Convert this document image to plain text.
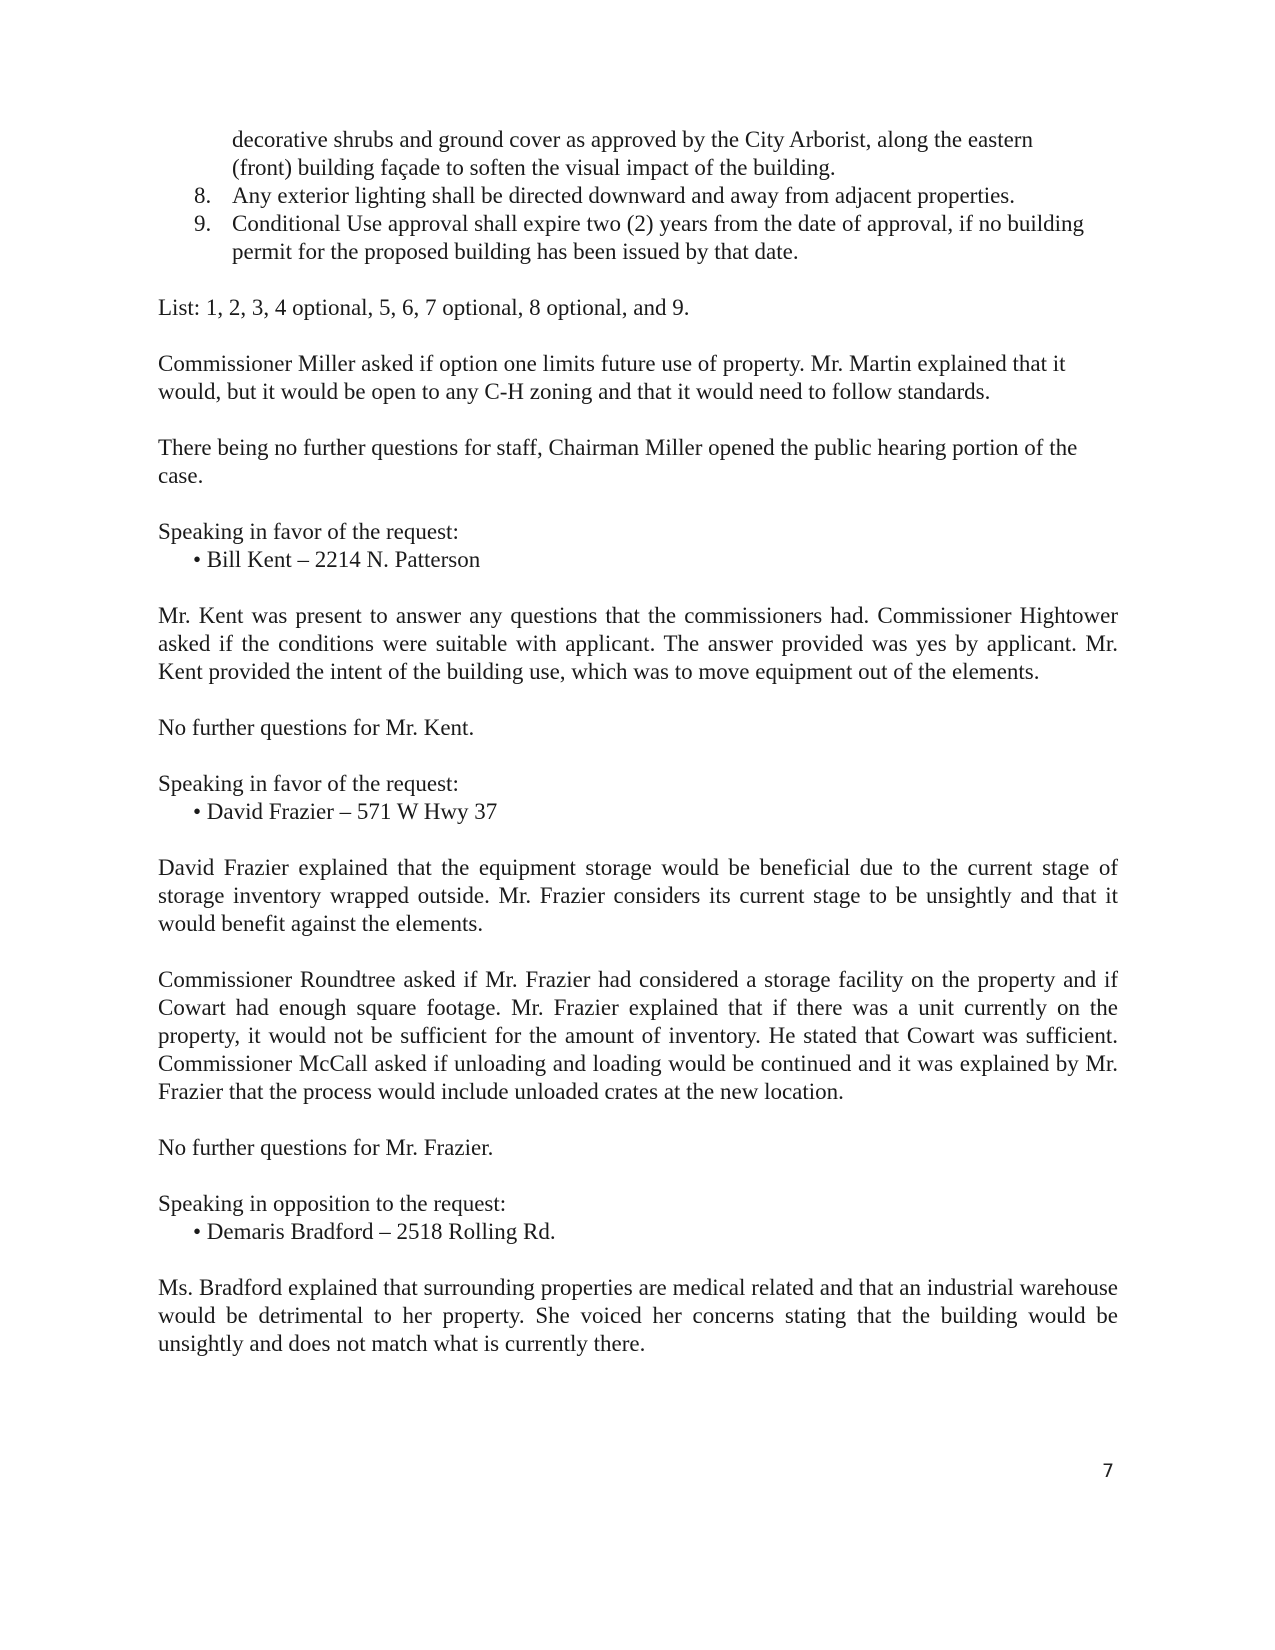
decorative shrubs and ground cover as approved by the City Arborist, along the eastern

(front) building façade to soften the visual impact of the building.

8. Any exterior lighting shall be directed downward and away from adjacent properties.
9. Conditional Use approval shall expire two (2) years from the date of approval, if no building permit for the proposed building has been issued by that date.

List: 1, 2, 3, 4 optional, 5, 6, 7 optional, 8 optional, and 9.

Commissioner Miller asked if option one limits future use of property. Mr. Martin explained that it would, but it would be open to any C-H zoning and that it would need to follow standards.

There being no further questions for staff, Chairman Miller opened the public hearing portion of the case.

Speaking in favor of the request:

• Bill Kent – 2214 N. Patterson

Mr. Kent was present to answer any questions that the commissioners had. Commissioner Hightower asked if the conditions were suitable with applicant. The answer provided was yes by applicant. Mr. Kent provided the intent of the building use, which was to move equipment out of the elements.

No further questions for Mr. Kent.

Speaking in favor of the request:

• David Frazier – 571 W Hwy 37

David Frazier explained that the equipment storage would be beneficial due to the current stage of storage inventory wrapped outside. Mr. Frazier considers its current stage to be unsightly and that it would benefit against the elements.

Commissioner Roundtree asked if Mr. Frazier had considered a storage facility on the property and if Cowart had enough square footage. Mr. Frazier explained that if there was a unit currently on the property, it would not be sufficient for the amount of inventory. He stated that Cowart was sufficient. Commissioner McCall asked if unloading and loading would be continued and it was explained by Mr. Frazier that the process would include unloaded crates at the new location.

No further questions for Mr. Frazier.

Speaking in opposition to the request:

• Demaris Bradford – 2518 Rolling Rd.

Ms. Bradford explained that surrounding properties are medical related and that an industrial warehouse would be detrimental to her property. She voiced her concerns stating that the building would be unsightly and does not match what is currently there.

7
